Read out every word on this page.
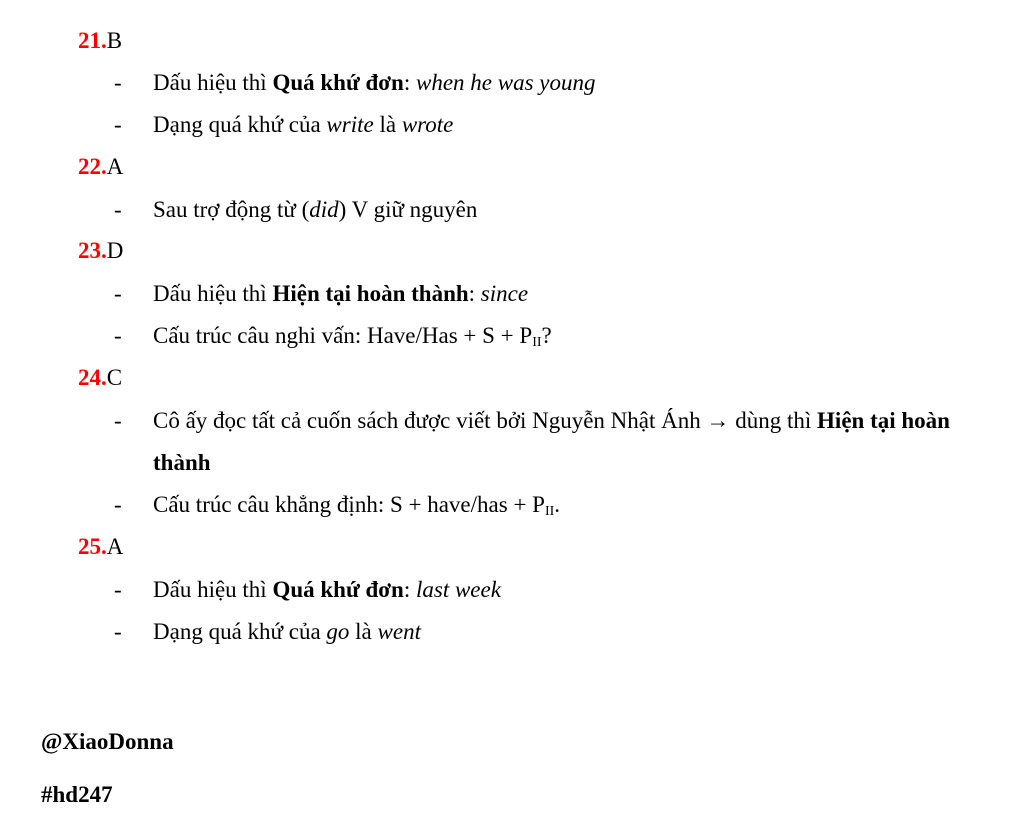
21.B
- Dấu hiệu thì Quá khứ đơn: when he was young
- Dạng quá khứ của write là wrote
22.A
- Sau trợ động từ (did) V giữ nguyên
23.D
- Dấu hiệu thì Hiện tại hoàn thành: since
- Cấu trúc câu nghi vấn: Have/Has + $S + P_{II}$?
24.C
- Cô ấy đọc tất cả cuốn sách được viết bởi Nguyễn Nhật Ánh → dùng thì Hiện tại hoàn thành
- Cấu trúc câu khẳng định: S + have/has + $P_{II}$.
25.A
- Dấu hiệu thì Quá khứ đơn: last week
- Dạng quá khứ của go là went
@XiaoDonna
#hd247
